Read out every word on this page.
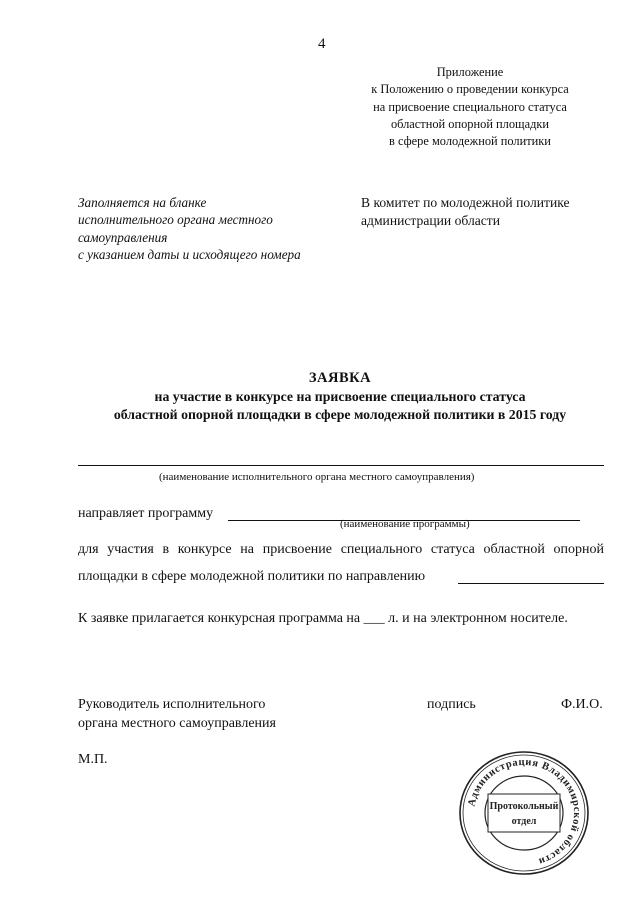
4
Приложение
к Положению о проведении конкурса
на присвоение специального статуса
областной опорной площадки
в сфере молодежной политики
Заполняется на бланке
исполнительного органа местного
самоуправления
с указанием даты и исходящего номера
В комитет по молодежной политике
администрации области
ЗАЯВКА
на участие в конкурсе на присвоение специального статуса
областной опорной площадки в сфере молодежной политики в 2015 году
(наименование исполнительного органа местного самоуправления)
направляет программу
(наименование программы)
для участия в конкурсе на присвоение специального статуса областной опорной
площадки в сфере молодежной политики по направлению
К заявке прилагается конкурсная программа на ___ л. и на электронном носителе.
Руководитель исполнительного
органа местного самоуправления
подпись	Ф.И.О.
М.П.
Администрация Владимирской области
Протокольный
отдел
